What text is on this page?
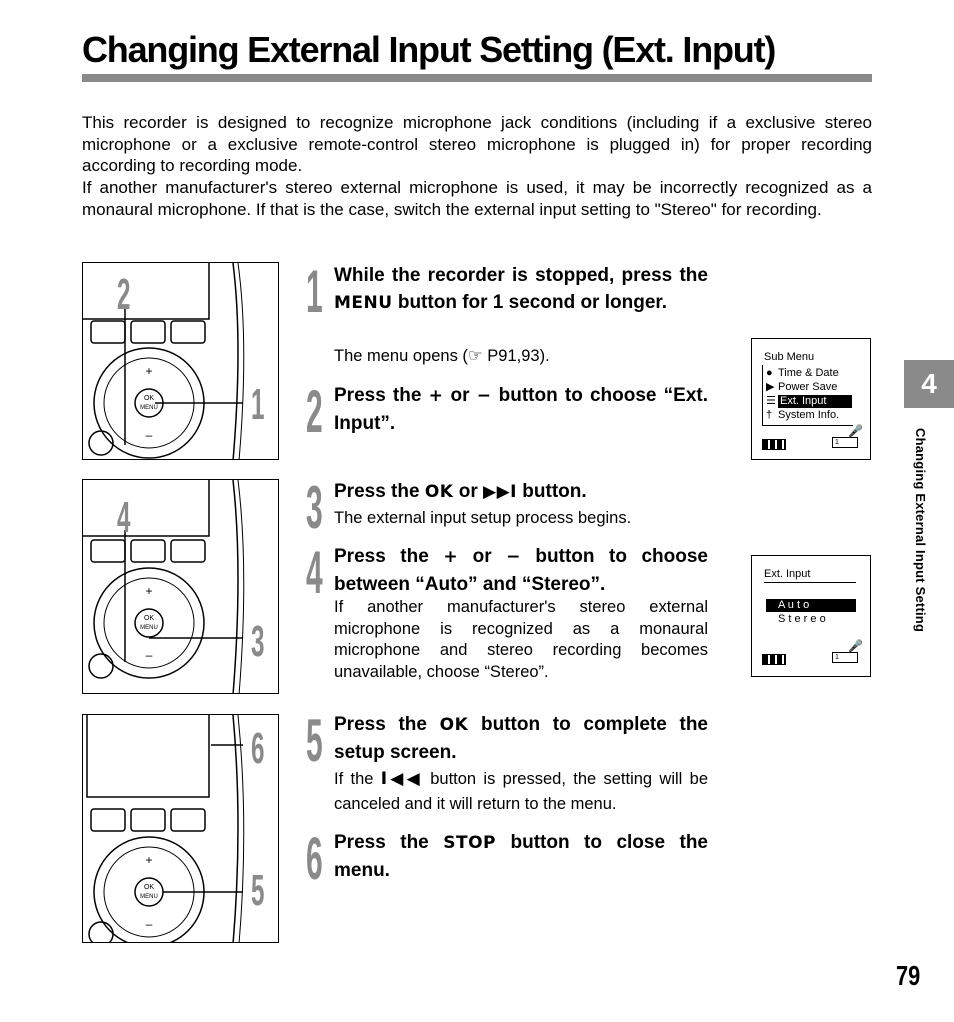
Changing External Input Setting (Ext. Input)

This recorder is designed to recognize microphone jack conditions (including if a exclusive stereo microphone or a exclusive remote-control stereo microphone is plugged in) for proper recording according to recording mode.

If another manufacturer's stereo external microphone is used, it may be incorrectly recognized as a monaural microphone. If that is the case, switch the external input setting to "Stereo" for recording.

OK
MENU
+
–
2
1
OK
MENU
+
–
4
3
OK
MENU
+
–
6
5
1 While the recorder is stopped, press the MENU button for 1 second or longer.

The menu opens (☞ P91,93).

2 Press the + or − button to choose “Ext. Input”.

3 Press the OK or ▶▶I button.

The external input setup process begins.

4 Press the + or − button to choose between “Auto” and “Stereo”.

If another manufacturer's stereo external microphone is recognized as a monaural microphone and stereo recording becomes unavailable, choose “Stereo”.

5 Press the OK button to complete the setup screen.

If the I◀◀ button is pressed, the setting will be canceled and it will return to the menu.

6 Press the STOP button to close the menu.

Sub Menu
●
▶
☰
†
Time & Date
Power Save
Ext. Input
System Info.
🎤
1
Ext. Input
A u t o
S t e r e o
🎤
1
4
Changing External Input Setting
79
